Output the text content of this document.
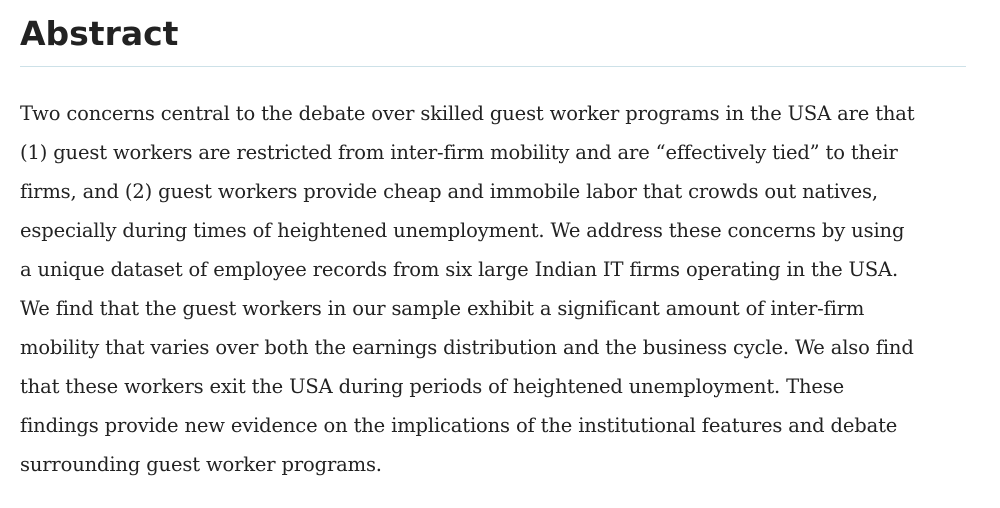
Abstract

Two concerns central to the debate over skilled guest worker programs in the USA are that
(1) guest workers are restricted from inter-firm mobility and are “effectively tied” to their
firms, and (2) guest workers provide cheap and immobile labor that crowds out natives,
especially during times of heightened unemployment. We address these concerns by using
a unique dataset of employee records from six large Indian IT firms operating in the USA.
We find that the guest workers in our sample exhibit a significant amount of inter-firm
mobility that varies over both the earnings distribution and the business cycle. We also find
that these workers exit the USA during periods of heightened unemployment. These
findings provide new evidence on the implications of the institutional features and debate
surrounding guest worker programs.
